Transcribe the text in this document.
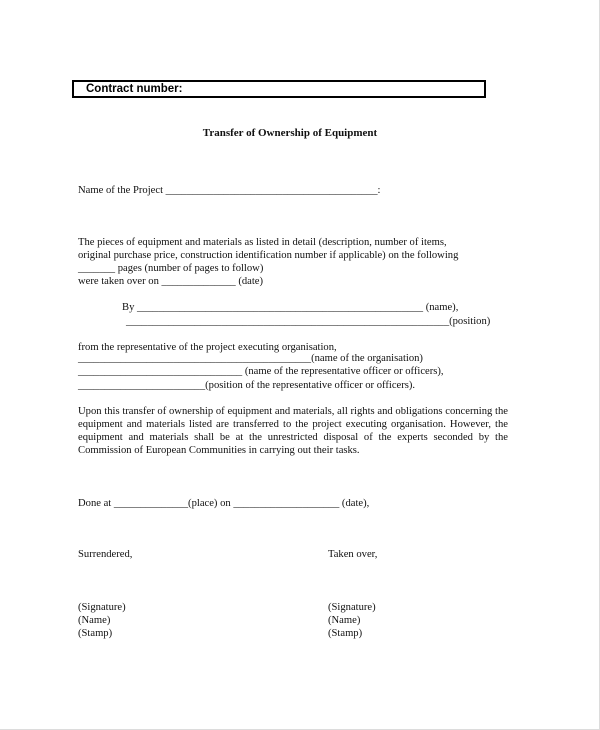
Contract number:
Transfer of Ownership of Equipment
Name of the Project ________________________________________:
The pieces of equipment and materials as listed in detail (description, number of items,
original purchase price, construction identification number if applicable) on the following
_______ pages (number of pages to follow)
were taken over on ______________ (date)
By ______________________________________________________ (name),
_____________________________________________________________(position)
from the representative of the project executing organisation,
____________________________________________(name of the organisation)
_______________________________ (name of the representative officer or officers),
________________________(position of the representative officer or officers).
Upon this transfer of ownership of equipment and materials, all rights and obligations concerning the equipment and materials listed are transferred to the project executing organisation. However, the equipment and materials shall be at the unrestricted disposal of the experts seconded by the Commission of European Communities in carrying out their tasks.
Done at ______________(place) on ____________________ (date),
Surrendered,	Taken over,
(Signature)
(Name)
(Stamp)
(Signature)
(Name)
(Stamp)
